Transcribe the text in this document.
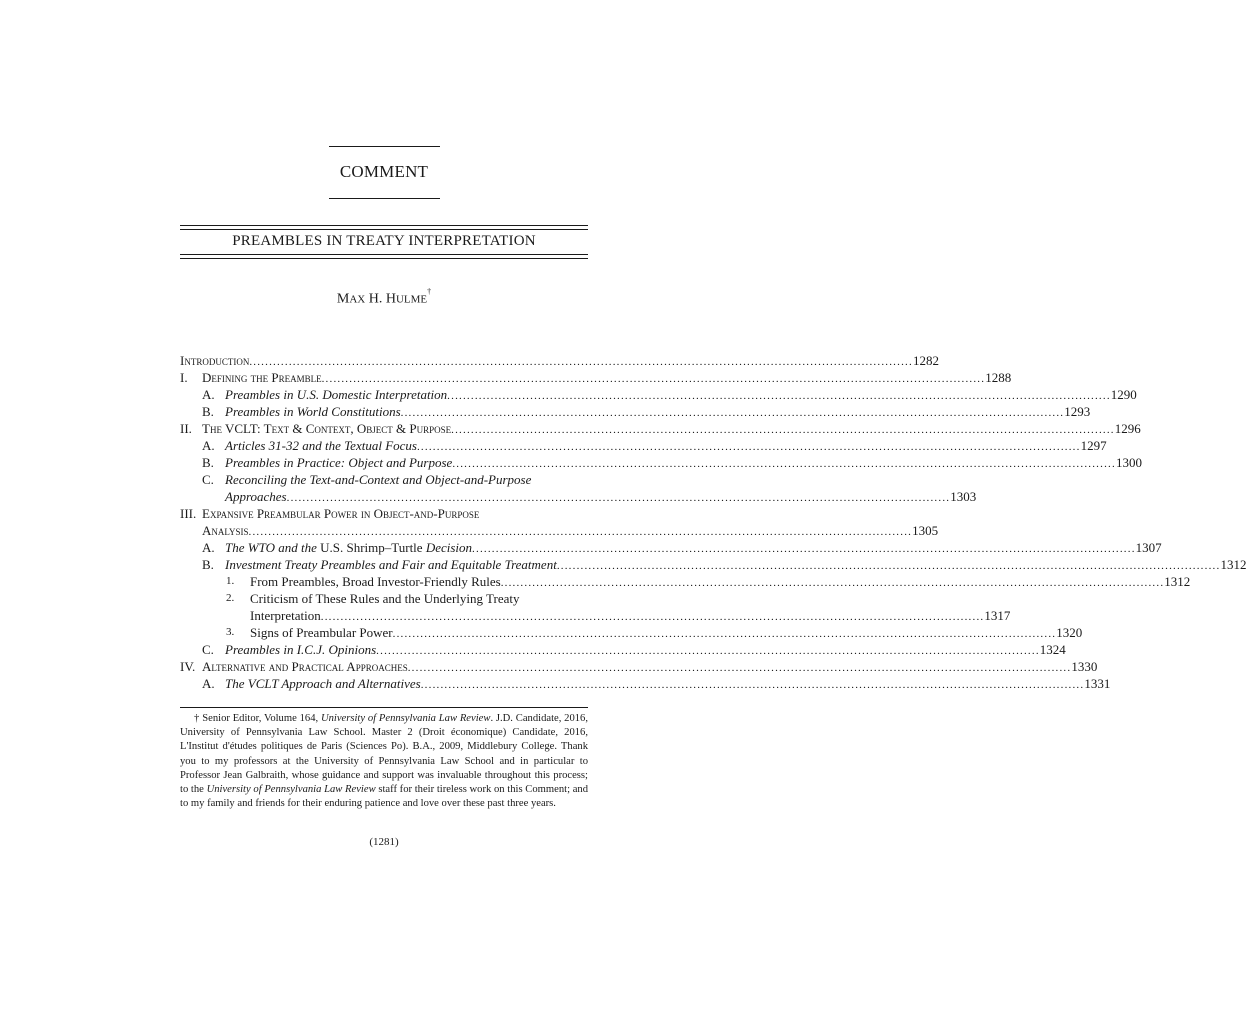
COMMENT
PREAMBLES IN TREATY INTERPRETATION
MAX H. HULME†
Introduction .....	1282
I. Defining the Preamble .....	1288
A. Preambles in U.S. Domestic Interpretation .....	1290
B. Preambles in World Constitutions .....	1293
II. The VCLT: Text & Context, Object & Purpose .....	1296
A. Articles 31-32 and the Textual Focus .....	1297
B. Preambles in Practice: Object and Purpose .....	1300
C. Reconciling the Text-and-Context and Object-and-Purpose
Approaches .....	1303
III. Expansive Preambular Power in Object-and-Purpose
Analysis .....	1305
A. The WTO and the U.S. Shrimp–Turtle Decision .....	1307
B. Investment Treaty Preambles and Fair and Equitable Treatment .....	1312
1. From Preambles, Broad Investor-Friendly Rules .....	1312
2. Criticism of These Rules and the Underlying Treaty
Interpretation .....	1317
3. Signs of Preambular Power .....	1320
C. Preambles in I.C.J. Opinions .....	1324
IV. Alternative and Practical Approaches .....	1330
A. The VCLT Approach and Alternatives .....	1331
† Senior Editor, Volume 164, University of Pennsylvania Law Review. J.D. Candidate, 2016, University of Pennsylvania Law School. Master 2 (Droit économique) Candidate, 2016, L'Institut d'études politiques de Paris (Sciences Po). B.A., 2009, Middlebury College. Thank you to my professors at the University of Pennsylvania Law School and in particular to Professor Jean Galbraith, whose guidance and support was invaluable throughout this process; to the University of Pennsylvania Law Review staff for their tireless work on this Comment; and to my family and friends for their enduring patience and love over these past three years.
(1281)
